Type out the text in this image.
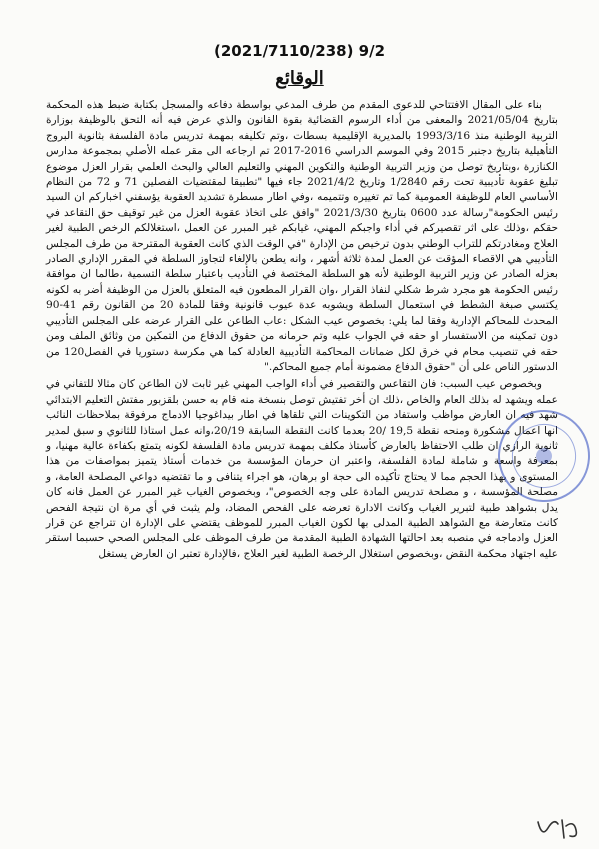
(2021/7110/238) 9/2
الوقائع

بناء على المقال الافتتاحي للدعوى المقدم من طرف المدعي بواسطة دفاعه والمسجل بكتابة ضبط هذه المحكمة بتاريخ 2021/05/04 والمعفى من أداء الرسوم القضائية بقوة القانون والذي عرض فيه أنه التحق بالوظيفة بوزارة التربية الوطنية منذ 1993/3/16 بالمديرية الإقليمية بسطات ،وتم تكليفه بمهمة تدريس مادة الفلسفة بثانوية البروج التأهيلية بتاريخ دجنبر 2015 وفي الموسم الدراسي 2016-2017 تم ارجاعه الى مقر عمله الأصلي بمجموعة مدارس الكنازرة ،وبتاريخ توصل من وزير التربية الوطنية والتكوين المهني والتعليم العالي والبحث العلمي بقرار العزل موضوع تبليغ عقوبة تأديبية تحت رقم 1/2840 وتاريخ 2021/4/2 جاء فيها "تطبيقا لمقتضيات الفصلين 71 و 72 من النظام الأساسي العام للوظيفة العمومية كما تم تغييره وتتميمه ،وفي اطار مسطرة تشديد العقوبة يؤسفني اخباركم ان السيد رئيس الحكومة"رسالة عدد 0600 بتاريخ 2021/3/30 "وافق على اتخاذ عقوبة العزل من غير توقيف حق التقاعد في حقكم ،وذلك على اثر تقصيركم في أداء واجبكم المهني، غيابكم غير المبرر عن العمل ،استغلالكم الرخص الطبية لغير العلاج ومغادرتكم للتراب الوطني بدون ترخيص من الإدارة "في الوقت الذي كانت العقوبة المقترحة من طرف المجلس التأديبي هي الاقصاء المؤقت عن العمل لمدة ثلاثة أشهر ، وانه يطعن بالإلغاء لتجاوز السلطة في المقرر الإداري الصادر بعزله الصادر عن وزير التربية الوطنية لأنه هو السلطة المختصة في التأديب باعتبار سلطة التسمية ،طالما ان موافقة رئيس الحكومة هو مجرد شرط شكلي لنفاذ القرار ،وان القرار المطعون فيه المتعلق بالعزل من الوظيفة أضر به لكونه يكتسي صبغة الشطط في استعمال السلطة ويشوبه عدة عيوب قانونية وفقا للمادة 20 من القانون رقم 41-90 المحدث للمحاكم الإدارية وفقا لما يلي: بخصوص عيب الشكل :عاب الطاعن على القرار عرضه على المجلس التأديبي دون تمكينه من الاستفسار او حقه في الجواب عليه وتم حرمانه من حقوق الدفاع من التمكين من وثائق الملف ومن حقه في تنصيب محام في خرق لكل ضمانات المحاكمة التأديبية العادلة كما هي مكرسة دستوريا في الفصل120 من الدستور الناص على أن "حقوق الدفاع مضمونة أمام جميع المحاكم."

وبخصوص عيب السبب: فان التقاعس والتقصير في أداء الواجب المهني غير ثابت لان الطاعن كان مثالا للتفاني في عمله ويشهد له بذلك العام والخاص ،ذلك ان أخر تفتيش توصل بنسخة منه قام به حسن بلقزبور مفتش التعليم الابتدائي شهد فيه ان العارض مواظب واستفاد من التكوينات التي تلقاها في اطار بيداغوجيا الادماج مرفوقة بملاحظات النائب انها اعمال مشكورة ومنحه نقطة 19,5 /20 بعدما كانت النقطة السابقة 20/19،وانه عمل استاذا للثانوي و سبق لمدير ثانوية الرازي ان طلب الاحتفاظ بالعارض كأستاذ مكلف بمهمة تدريس مادة الفلسفة لكونه يتمتع بكفاءة عالية مهنيا، و بمعرفة واسعة و شاملة لمادة الفلسفة، واعتبر ان حرمان المؤسسة من خدمات أستاذ يتميز بمواصفات من هذا المستوى و بهذا الحجم مما لا يحتاج تأكيده الى حجة او برهان، هو اجراء يتنافى و ما تقتضيه دواعي المصلحة العامة، و مصلحة المؤسسة ، و مصلحة تدريس المادة على وجه الخصوص"، وبخصوص الغياب غير المبرر عن العمل فانه كان يدل بشواهد طبية لتبرير الغياب وكانت الادارة تعرضه على الفحص المضاد، ولم يثبت في أي مرة ان نتيجة الفحص كانت متعارضة مع الشواهد الطبية المدلى بها لكون الغياب المبرر للموظف يقتضي على الإدارة ان تتراجع عن قرار العزل وادماجه في منصبه بعد احالتها الشهادة الطبية المقدمة من طرف الموظف على المجلس الصحي حسبما استقر عليه اجتهاد محكمة النقض ،وبخصوص استغلال الرخصة الطبية لغير العلاج ،فالإدارة تعتبر ان العارض يستغل
